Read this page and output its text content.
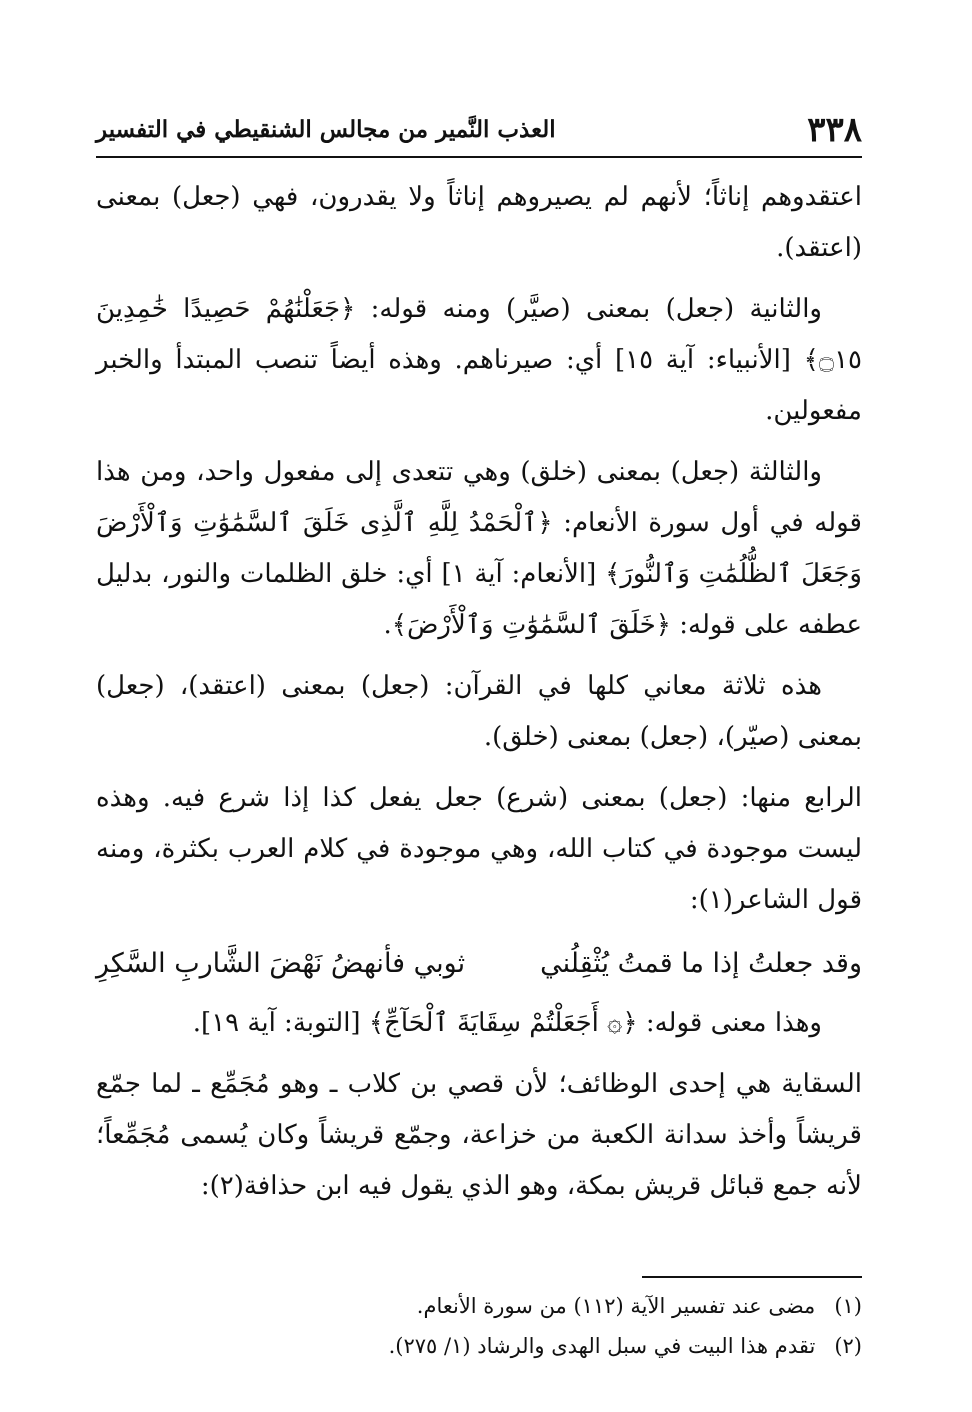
٣٣٨
العذب النَّمير من مجالس الشنقيطي في التفسير

اعتقدوهم إناثاً؛ لأنهم لم يصيروهم إناثاً ولا يقدرون، فهي (جعل) بمعنى (اعتقد).

والثانية (جعل) بمعنى (صيَّر) ومنه قوله: ﴿جَعَلْنَٰهُمْ حَصِيدًا خَٰمِدِينَ ۝١٥﴾ [الأنبياء: آية ١٥] أي: صيرناهم. وهذه أيضاً تنصب المبتدأ والخبر مفعولين.

والثالثة (جعل) بمعنى (خلق) وهي تتعدى إلى مفعول واحد، ومن هذا قوله في أول سورة الأنعام: ﴿ٱلْحَمْدُ لِلَّهِ ٱلَّذِى خَلَقَ ٱلسَّمَٰوَٰتِ وَٱلْأَرْضَ وَجَعَلَ ٱلظُّلُمَٰتِ وَٱلنُّورَ﴾ [الأنعام: آية ١] أي: خلق الظلمات والنور، بدليل عطفه على قوله: ﴿خَلَقَ ٱلسَّمَٰوَٰتِ وَٱلْأَرْضَ﴾.

هذه ثلاثة معاني كلها في القرآن: (جعل) بمعنى (اعتقد)، (جعل) بمعنى (صيّر)، (جعل) بمعنى (خلق).

الرابع منها: (جعل) بمعنى (شرع) جعل يفعل كذا إذا شرع فيه. وهذه ليست موجودة في كتاب الله، وهي موجودة في كلام العرب بكثرة، ومنه قول الشاعر(١):

وقد جعلتُ إذا ما قمتُ يُثْقِلُني
ثوبي فأنهضُ نَهْضَ الشَّاربِ السَّكِرِ

وهذا معنى قوله: ﴿۞ أَجَعَلْتُمْ سِقَايَةَ ٱلْحَآجِّ﴾ [التوبة: آية ١٩].

السقاية هي إحدى الوظائف؛ لأن قصي بن كلاب ـ وهو مُجَمِّع ـ لما جمّع قريشاً وأخذ سدانة الكعبة من خزاعة، وجمّع قريشاً وكان يُسمى مُجَمِّعاً؛ لأنه جمع قبائل قريش بمكة، وهو الذي يقول فيه ابن حذافة(٢):

(١) مضى عند تفسير الآية (١١٢) من سورة الأنعام.
(٢) تقدم هذا البيت في سبل الهدى والرشاد (١/ ٢٧٥).
